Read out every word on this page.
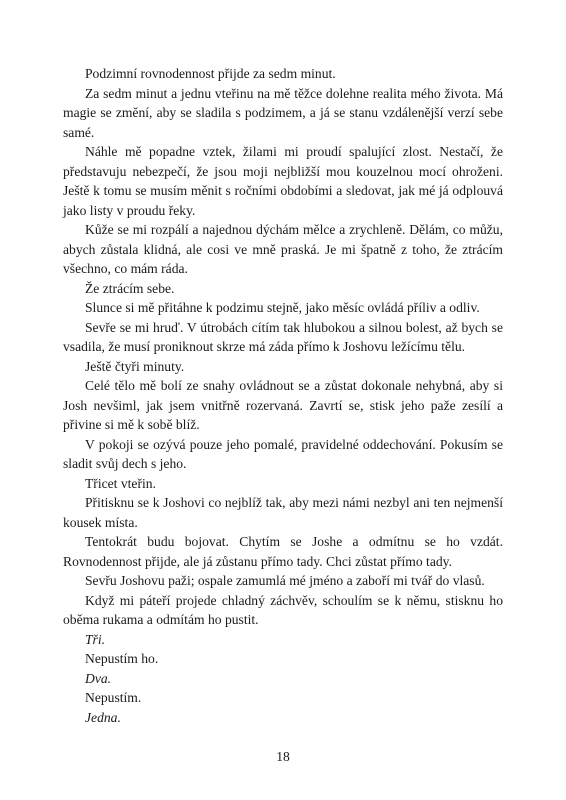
Podzimní rovnodennost přijde za sedm minut.

Za sedm minut a jednu vteřinu na mě těžce dolehne realita mého života. Má magie se změní, aby se sladila s podzimem, a já se stanu vzdálenější verzí sebe samé.

Náhle mě popadne vztek, žilami mi proudí spalující zlost. Nestačí, že představuju nebezpečí, že jsou moji nejbližší mou kouzelnou mocí ohroženi. Ještě k tomu se musím měnit s ročními obdobími a sledovat, jak mé já odplouvá jako listy v proudu řeky.

Kůže se mi rozpálí a najednou dýchám mělce a zrychleně. Dělám, co můžu, abych zůstala klidná, ale cosi ve mně praská. Je mi špatně z toho, že ztrácím všechno, co mám ráda.

Že ztrácím sebe.

Slunce si mě přitáhne k podzimu stejně, jako měsíc ovládá příliv a odliv.

Sevře se mi hruď. V útrobách cítím tak hlubokou a silnou bolest, až bych se vsadila, že musí proniknout skrze má záda přímo k Joshovu ležícímu tělu.

Ještě čtyři minuty.

Celé tělo mě bolí ze snahy ovládnout se a zůstat dokonale nehybná, aby si Josh nevšiml, jak jsem vnitřně rozervaná. Zavrtí se, stisk jeho paže zesílí a přivine si mě k sobě blíž.

V pokoji se ozývá pouze jeho pomalé, pravidelné oddechování. Pokusím se sladit svůj dech s jeho.

Třicet vteřin.

Přitisknu se k Joshovi co nejblíž tak, aby mezi námi nezbyl ani ten nejmenší kousek místa.

Tentokrát budu bojovat. Chytím se Joshe a odmítnu se ho vzdát. Rovnodennost přijde, ale já zůstanu přímo tady. Chci zůstat přímo tady.

Sevřu Joshovu paži; ospale zamumlá mé jméno a zaboří mi tvář do vlasů.

Když mi páteří projede chladný záchvěv, schoulím se k němu, stisknu ho oběma rukama a odmítám ho pustit.

Tři.

Nepustím ho.

Dva.

Nepustím.

Jedna.

18
